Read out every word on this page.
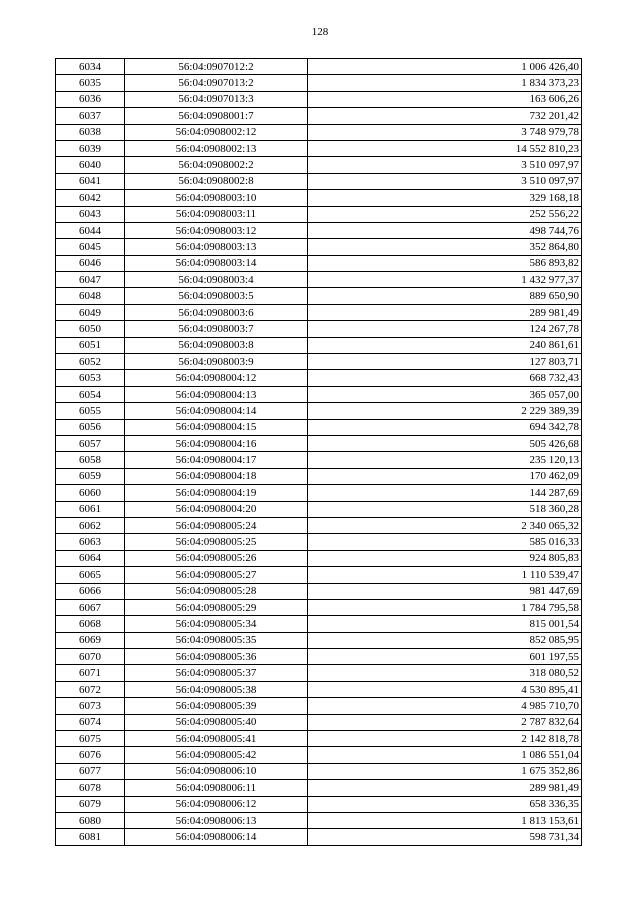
128
6034	56:04:0907012:2	1 006 426,40
6035	56:04:0907013:2	1 834 373,23
6036	56:04:0907013:3	163 606,26
6037	56:04:0908001:7	732 201,42
6038	56:04:0908002:12	3 748 979,78
6039	56:04:0908002:13	14 552 810,23
6040	56:04:0908002:2	3 510 097,97
6041	56:04:0908002:8	3 510 097,97
6042	56:04:0908003:10	329 168,18
6043	56:04:0908003:11	252 556,22
6044	56:04:0908003:12	498 744,76
6045	56:04:0908003:13	352 864,80
6046	56:04:0908003:14	586 893,82
6047	56:04:0908003:4	1 432 977,37
6048	56:04:0908003:5	889 650,90
6049	56:04:0908003:6	289 981,49
6050	56:04:0908003:7	124 267,78
6051	56:04:0908003:8	240 861,61
6052	56:04:0908003:9	127 803,71
6053	56:04:0908004:12	668 732,43
6054	56:04:0908004:13	365 057,00
6055	56:04:0908004:14	2 229 389,39
6056	56:04:0908004:15	694 342,78
6057	56:04:0908004:16	505 426,68
6058	56:04:0908004:17	235 120,13
6059	56:04:0908004:18	170 462,09
6060	56:04:0908004:19	144 287,69
6061	56:04:0908004:20	518 360,28
6062	56:04:0908005:24	2 340 065,32
6063	56:04:0908005:25	585 016,33
6064	56:04:0908005:26	924 805,83
6065	56:04:0908005:27	1 110 539,47
6066	56:04:0908005:28	981 447,69
6067	56:04:0908005:29	1 784 795,58
6068	56:04:0908005:34	815 001,54
6069	56:04:0908005:35	852 085,95
6070	56:04:0908005:36	601 197,55
6071	56:04:0908005:37	318 080,52
6072	56:04:0908005:38	4 530 895,41
6073	56:04:0908005:39	4 985 710,70
6074	56:04:0908005:40	2 787 832,64
6075	56:04:0908005:41	2 142 818,78
6076	56:04:0908005:42	1 086 551,04
6077	56:04:0908006:10	1 675 352,86
6078	56:04:0908006:11	289 981,49
6079	56:04:0908006:12	658 336,35
6080	56:04:0908006:13	1 813 153,61
6081	56:04:0908006:14	598 731,34
